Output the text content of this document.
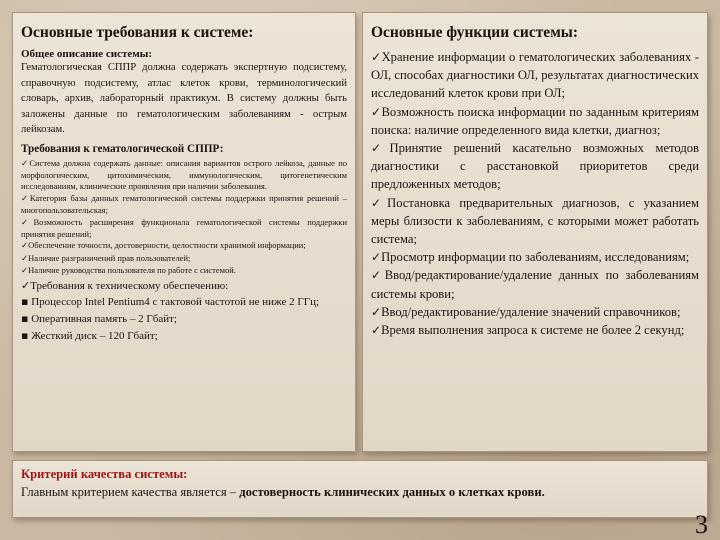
Основные требования к системе:
Общее описание системы:

Гематологическая СППР должна содержать экспертную подсистему, справочную подсистему, атлас клеток крови, терминологический словарь, архив, лабораторный практикум. В систему должны быть заложены данные по гематологическим заболеваниям - острым лейкозам.

Требования к гематологической СППР:

✓Система должна содержать данные: описания вариантов острого лейкоза, данные по морфологическим, цитохимическим, иммунологическим, цитогенетическим исследованиям, клинические проявления при наличии заболевания.

✓Категория базы данных гематологической системы поддержки принятия решений – многопользовательская;

✓Возможность расширения функционала гематологической системы поддержки принятия решений;

✓Обеспечение точности, достоверности, целостности хранимой информации;

✓Наличие разграничений прав пользователей;

✓Наличие руководства пользователя по работе с системой.

✓Требования к техническому обеспечению:

▪ Процессор Intel Pentium4 с тактовой частотой не ниже 2 ГГц;

▪ Оперативная память – 2 Гбайт;

▪ Жесткий диск – 120 Гбайт;

Основные функции системы:

✓Хранение информации о гематологических заболеваниях - ОЛ, способах диагностики ОЛ, результатах диагностических исследований клеток крови при ОЛ;

✓Возможность поиска информации по заданным критериям поиска: наличие определенного вида клетки, диагноз;

✓Принятие решений касательно возможных методов диагностики с расстановкой приоритетов среди предложенных методов;

✓Постановка предварительных диагнозов, с указанием меры близости к заболеваниям, с которыми может работать система;

✓Просмотр информации по заболеваниям, исследованиям;

✓Ввод/редактирование/удаление данных по заболеваниям системы крови;

✓Ввод/редактирование/удаление значений справочников;

✓Время выполнения запроса к системе не более 2 секунд;

Критерий качества системы:

Главным критерием качества является – достоверность клинических данных о клетках крови.

3
